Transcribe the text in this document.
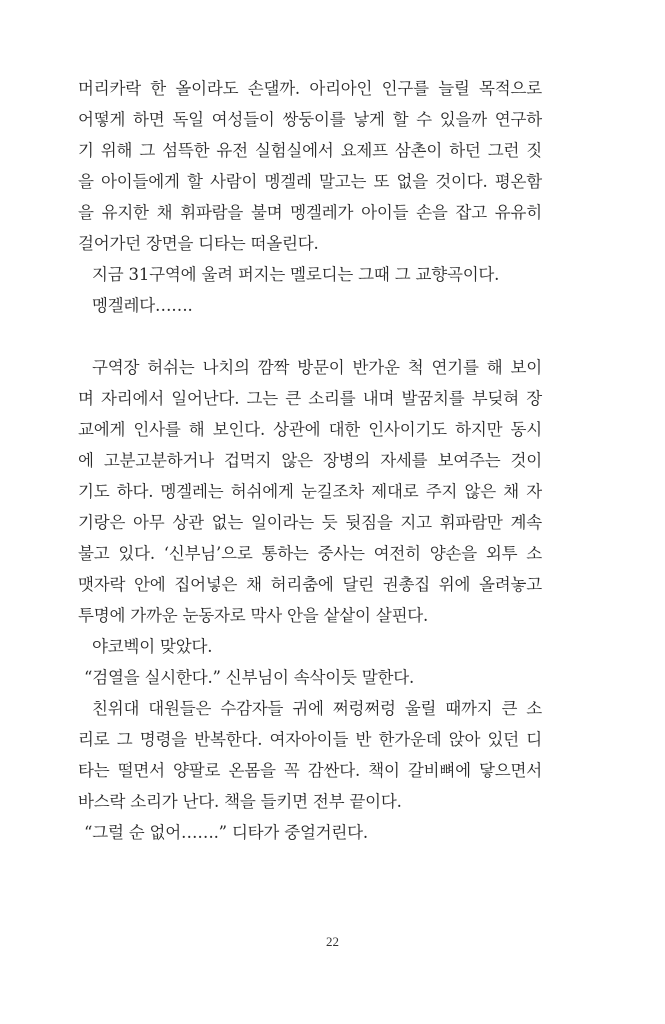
머리카락 한 올이라도 손댈까. 아리아인 인구를 늘릴 목적으로
어떻게 하면 독일 여성들이 쌍둥이를 낳게 할 수 있을까 연구하
기 위해 그 섬뜩한 유전 실험실에서 요제프 삼촌이 하던 그런 짓
을 아이들에게 할 사람이 멩겔레 말고는 또 없을 것이다. 평온함
을 유지한 채 휘파람을 불며 멩겔레가 아이들 손을 잡고 유유히
걸어가던 장면을 디타는 떠올린다.
지금 31구역에 울려 퍼지는 멜로디는 그때 그 교향곡이다.
멩겔레다…….
구역장 허쉬는 나치의 깜짝 방문이 반가운 척 연기를 해 보이
며 자리에서 일어난다. 그는 큰 소리를 내며 발꿈치를 부딪혀 장
교에게 인사를 해 보인다. 상관에 대한 인사이기도 하지만 동시
에 고분고분하거나 겁먹지 않은 장병의 자세를 보여주는 것이
기도 하다. 멩겔레는 허쉬에게 눈길조차 제대로 주지 않은 채 자
기랑은 아무 상관 없는 일이라는 듯 뒷짐을 지고 휘파람만 계속
불고 있다. ‘신부님’으로 통하는 중사는 여전히 양손을 외투 소
맷자락 안에 집어넣은 채 허리춤에 달린 권총집 위에 올려놓고
투명에 가까운 눈동자로 막사 안을 샅샅이 살핀다.
야코벡이 맞았다.
“검열을 실시한다.” 신부님이 속삭이듯 말한다.
친위대 대원들은 수감자들 귀에 쩌렁쩌렁 울릴 때까지 큰 소
리로 그 명령을 반복한다. 여자아이들 반 한가운데 앉아 있던 디
타는 떨면서 양팔로 온몸을 꼭 감싼다. 책이 갈비뼈에 닿으면서
바스락 소리가 난다. 책을 들키면 전부 끝이다.
“그럴 순 없어…….” 디타가 중얼거린다.
22
